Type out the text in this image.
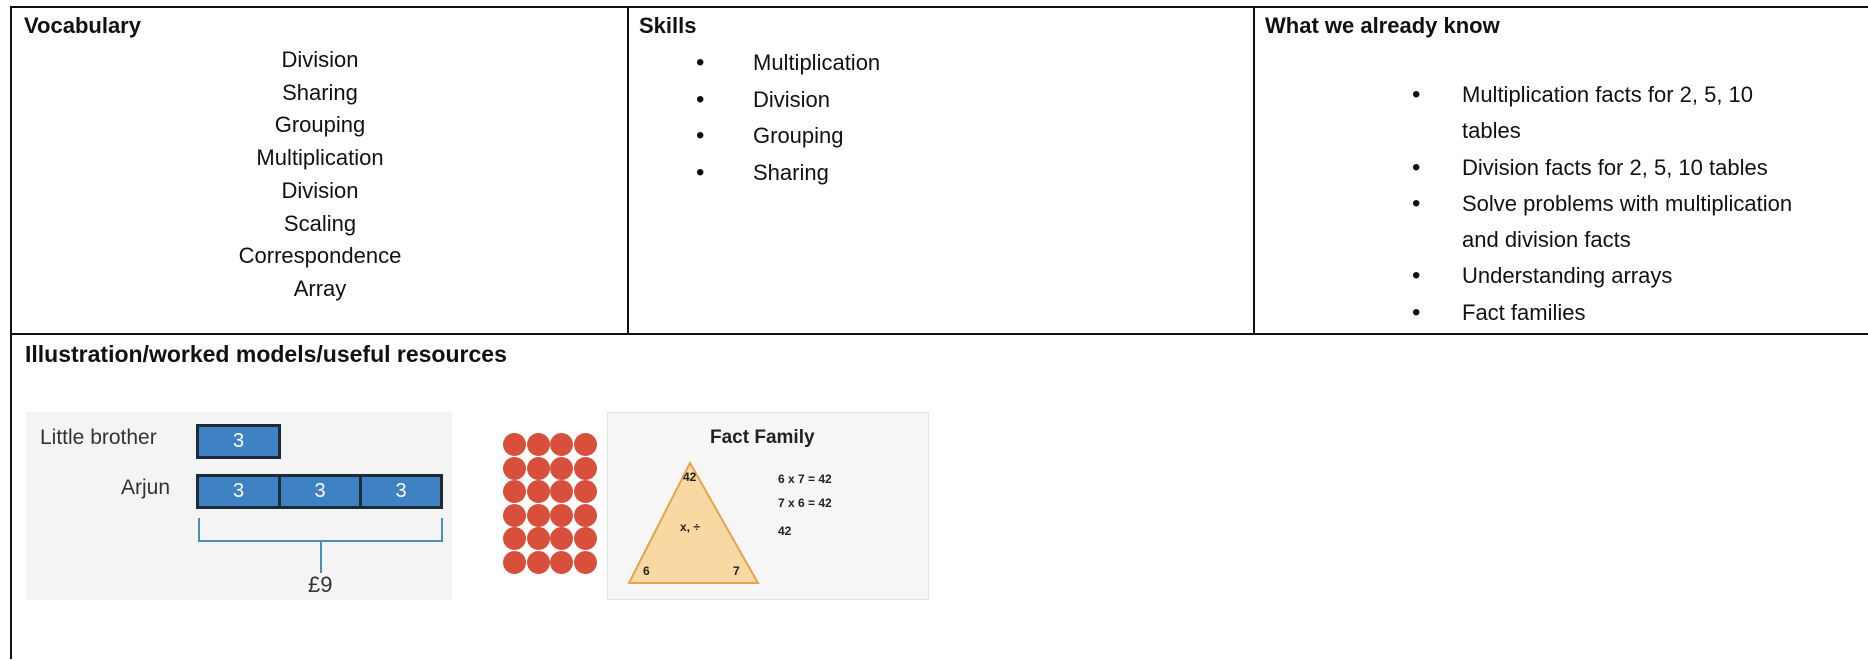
Vocabulary
Division
Sharing
Grouping
Multiplication
Division
Scaling
Correspondence
Array
Skills
• Multiplication
• Division
• Grouping
• Sharing
What we already know
• Multiplication facts for 2, 5, 10 tables
• Division facts for 2, 5, 10 tables
• Solve problems with multiplication and division facts
• Understanding arrays
• Fact families
Illustration/worked models/useful resources
Little brother	3
Arjun	3	3	3
£9
Fact Family
42
x, ÷
6	7
6 x 7 = 42
7 x 6 = 42
42
